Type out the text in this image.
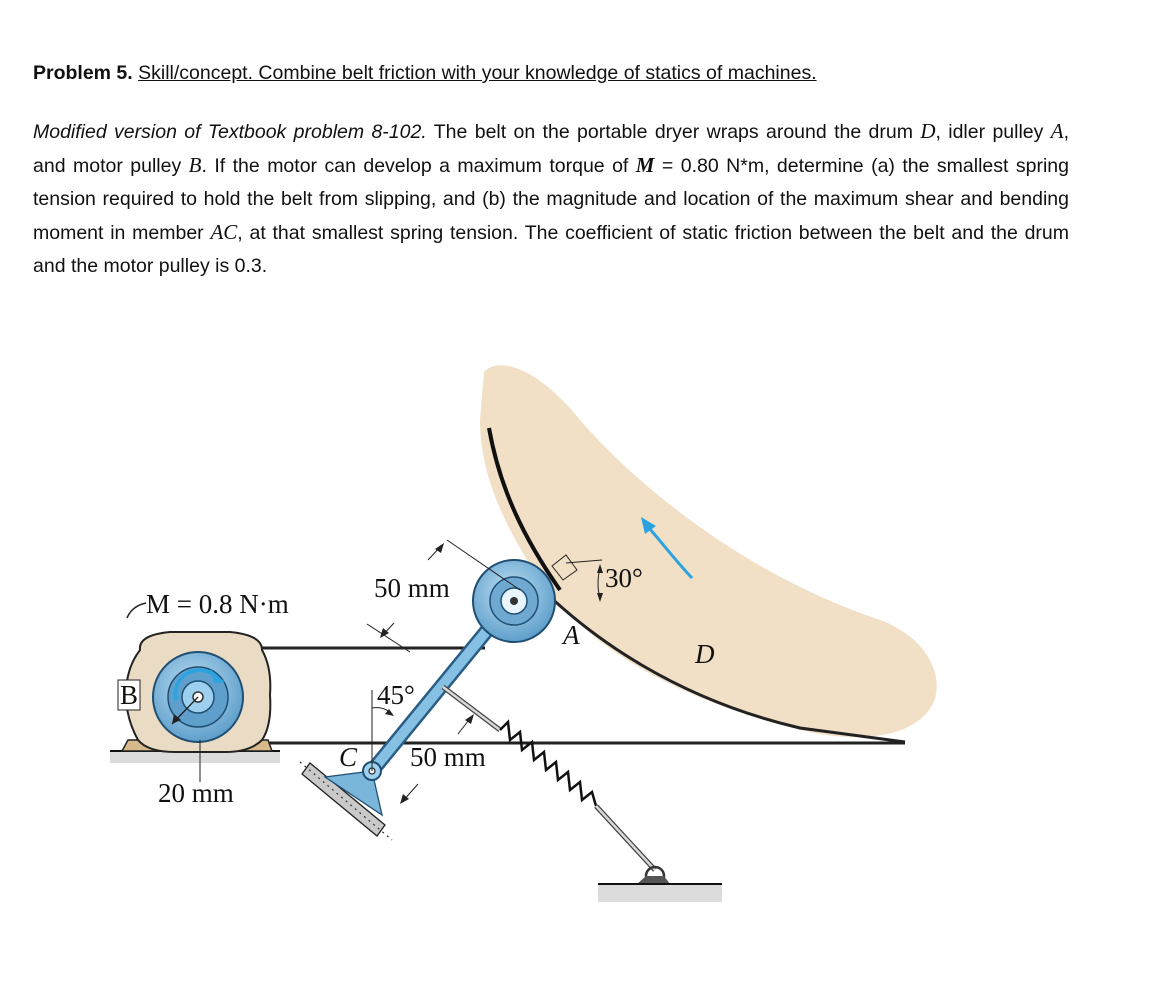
Problem 5. Skill/concept. Combine belt friction with your knowledge of statics of machines.
Modified version of Textbook problem 8-102. The belt on the portable dryer wraps around the drum D, idler pulley A, and motor pulley B. If the motor can develop a maximum torque of M = 0.80 N*m, determine (a) the smallest spring tension required to hold the belt from slipping, and (b) the magnitude and location of the maximum shear and bending moment in member AC, at that smallest spring tension. The coefficient of static friction between the belt and the drum and the motor pulley is 0.3.
M = 0.8 N·m
B
20 mm
50 mm
45°
C 50 mm
A
30°
D
